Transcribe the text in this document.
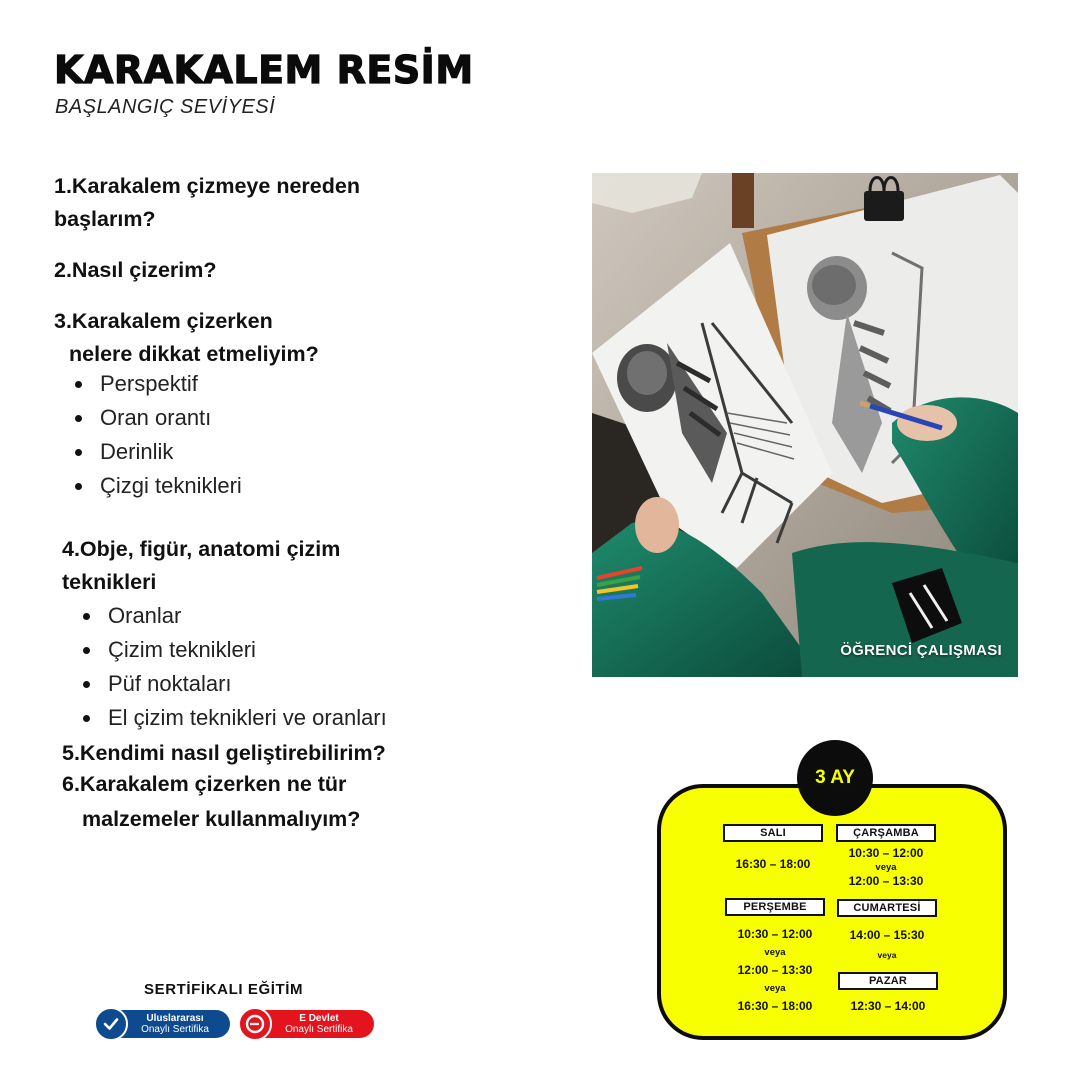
KARAKALEM RESİM
BAŞLANGIÇ SEVİYESİ

1.Karakalem çizmeye nereden

başlarım?

2.Nasıl çizerim?

3.Karakalem çizerken

nelere dikkat etmeliyim?

Perspektif
Oran orantı
Derinlik
Çizgi teknikleri

4.Obje, figür, anatomi çizim

teknikleri

Oranlar
Çizim teknikleri
Püf noktaları
El çizim teknikleri ve oranları

5.Kendimi nasıl geliştirebilirim?

6.Karakalem çizerken ne tür

malzemeler kullanmalıyım?

ÖĞRENCİ ÇALIŞMASI
SALI	ÇARŞAMBA
16:30 – 18:00
10:30 – 12:00
veya
12:00 – 13:30
PERŞEMBE	CUMARTESİ
10:30 – 12:00
veya
12:00 – 13:30
veya
16:30 – 18:00
14:00 – 15:30
veya
PAZAR
12:30 – 14:00
3 AY
SERTİFİKALI EĞİTİM
Uluslararası
Onaylı Sertifika
E Devlet
Onaylı Sertifika
